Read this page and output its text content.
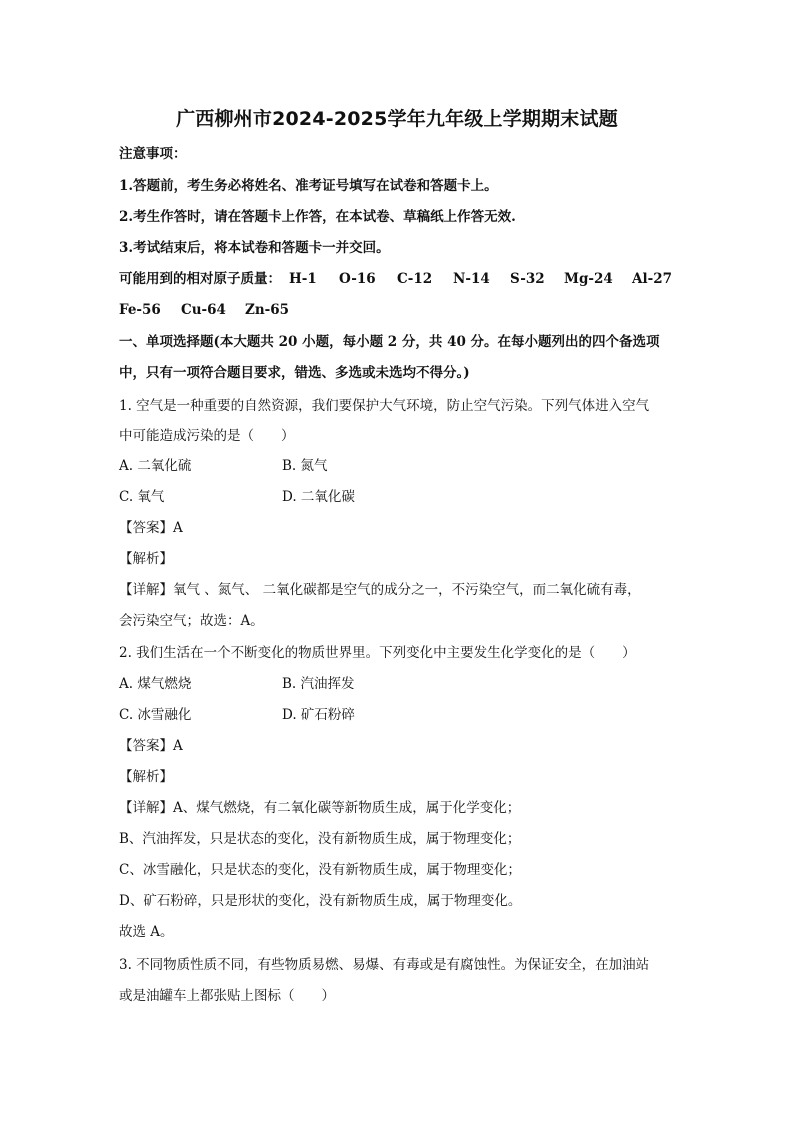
广西柳州市2024-2025学年九年级上学期期末试题
注意事项：
1.答题前，考生务必将姓名、准考证号填写在试卷和答题卡上。
2.考生作答时，请在答题卡上作答，在本试卷、草稿纸上作答无效.
3.考试结束后，将本试卷和答题卡一并交回。
可能用到的相对原子质量： H-1 O-16 C-12 N-14 S-32 Mg-24 Al-27
Fe-56 Cu-64 Zn-65
一、单项选择题(本大题共 20 小题，每小题 2 分，共 40 分。在每小题列出的四个备选项
中，只有一项符合题目要求，错选、多选或未选均不得分。)
1. 空气是一种重要的自然资源，我们要保护大气环境，防止空气污染。下列气体进入空气
中可能造成污染的是（　　）
A. 二氧化硫	B. 氮气
C. 氧气	D. 二氧化碳
【答案】A
【解析】
【详解】氧气 、氮气、 二氧化碳都是空气的成分之一，不污染空气，而二氧化硫有毒，
会污染空气；故选：A。
2. 我们生活在一个不断变化的物质世界里。下列变化中主要发生化学变化的是（　　）
A. 煤气燃烧	B. 汽油挥发
C. 冰雪融化	D. 矿石粉碎
【答案】A
【解析】
【详解】A、煤气燃烧，有二氧化碳等新物质生成，属于化学变化；
B、汽油挥发，只是状态的变化，没有新物质生成，属于物理变化；
C、冰雪融化，只是状态的变化，没有新物质生成，属于物理变化；
D、矿石粉碎，只是形状的变化，没有新物质生成，属于物理变化。
故选 A。
3. 不同物质性质不同，有些物质易燃、易爆、有毒或是有腐蚀性。为保证安全，在加油站
或是油罐车上都张贴上图标（　　）
